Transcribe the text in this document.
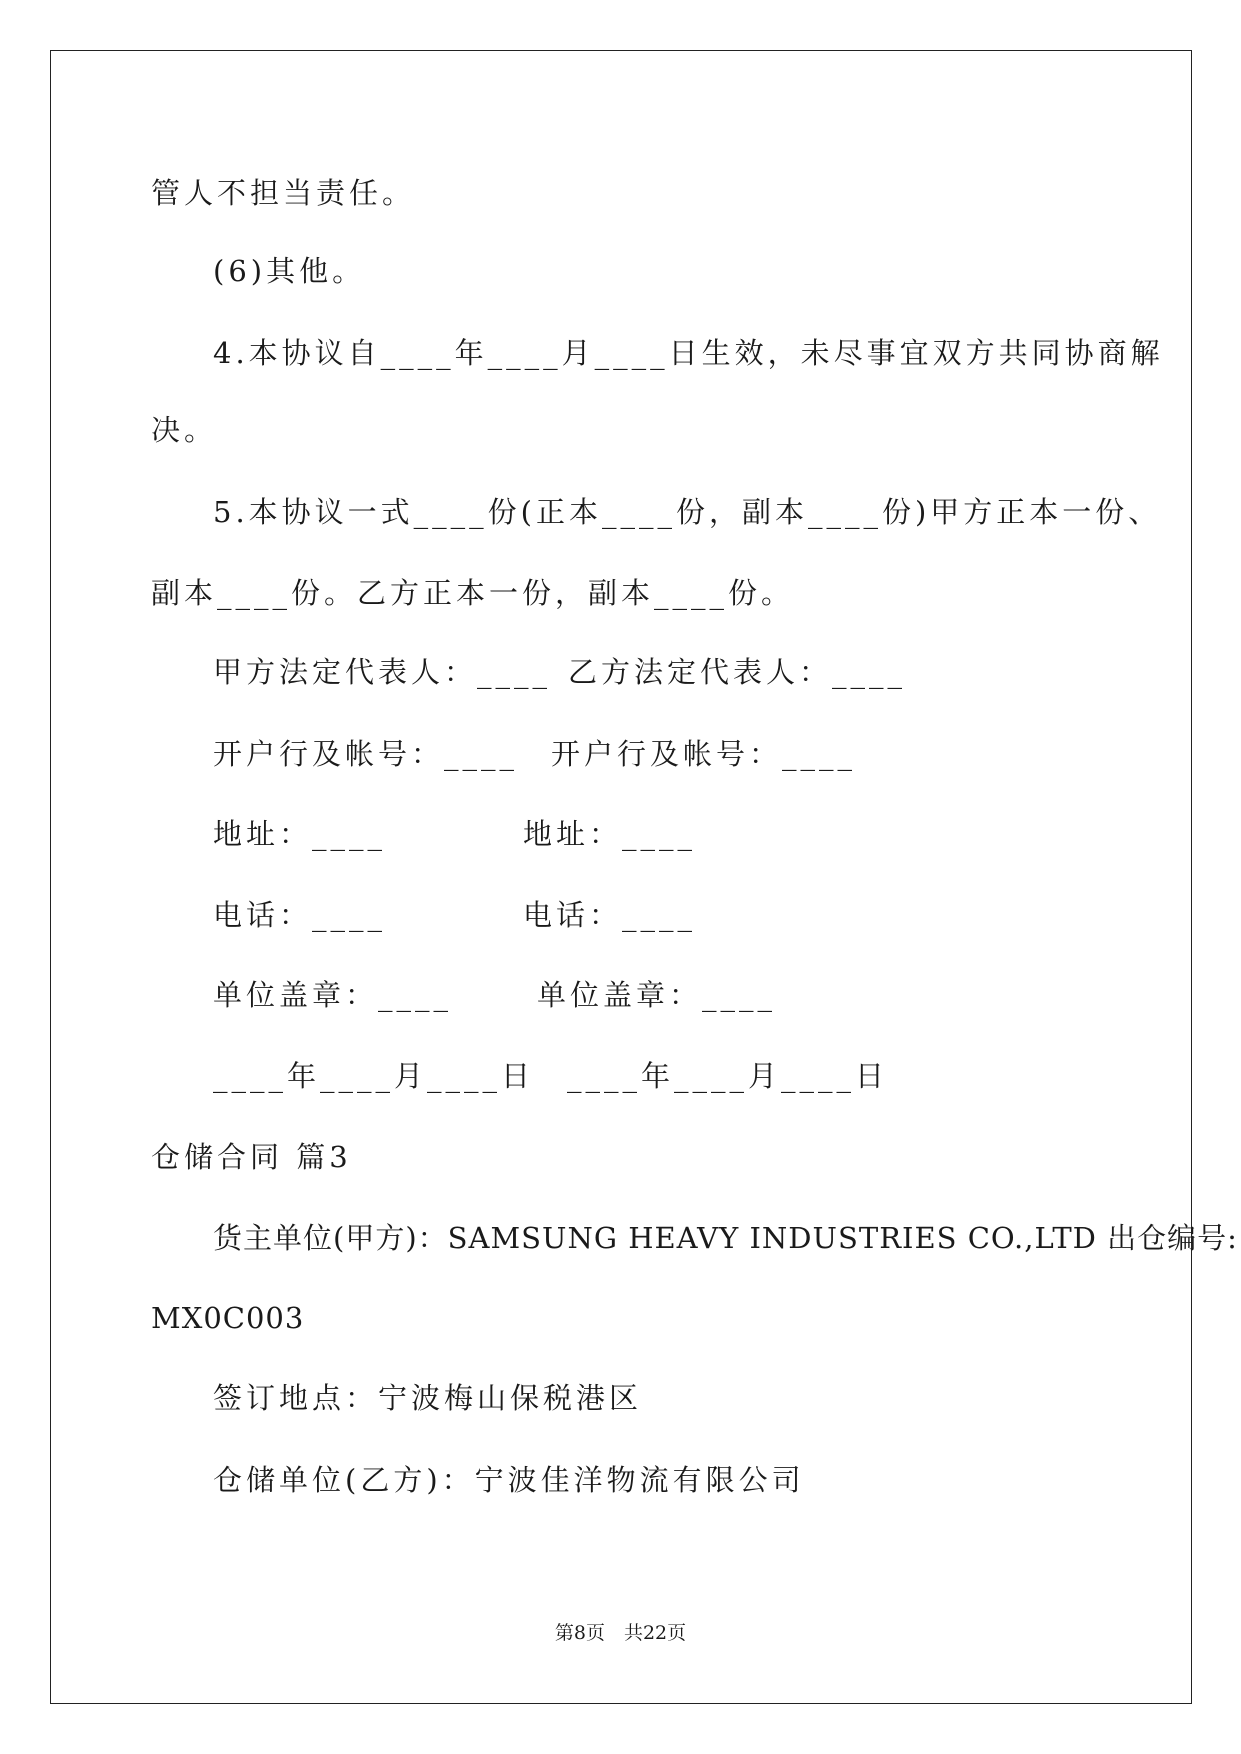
管人不担当责任。
(6)其他。
4.本协议自____年____月____日生效，未尽事宜双方共同协商解
决。
5.本协议一式____份(正本____份，副本____份)甲方正本一份、
副本____份。乙方正本一份，副本____份。
甲方法定代表人：____ 乙方法定代表人：____
开户行及帐号：____ 开户行及帐号：____
地址：____	地址：____
电话：____	电话：____
单位盖章：____	单位盖章：____
____年____月____日 ____年____月____日
仓储合同 篇3
货主单位(甲方)：SAMSUNG HEAVY INDUSTRIES CO.,LTD 出仓编号:
MX0C003
签订地点：宁波梅山保税港区
仓储单位(乙方)：宁波佳洋物流有限公司
第8页　共22页
